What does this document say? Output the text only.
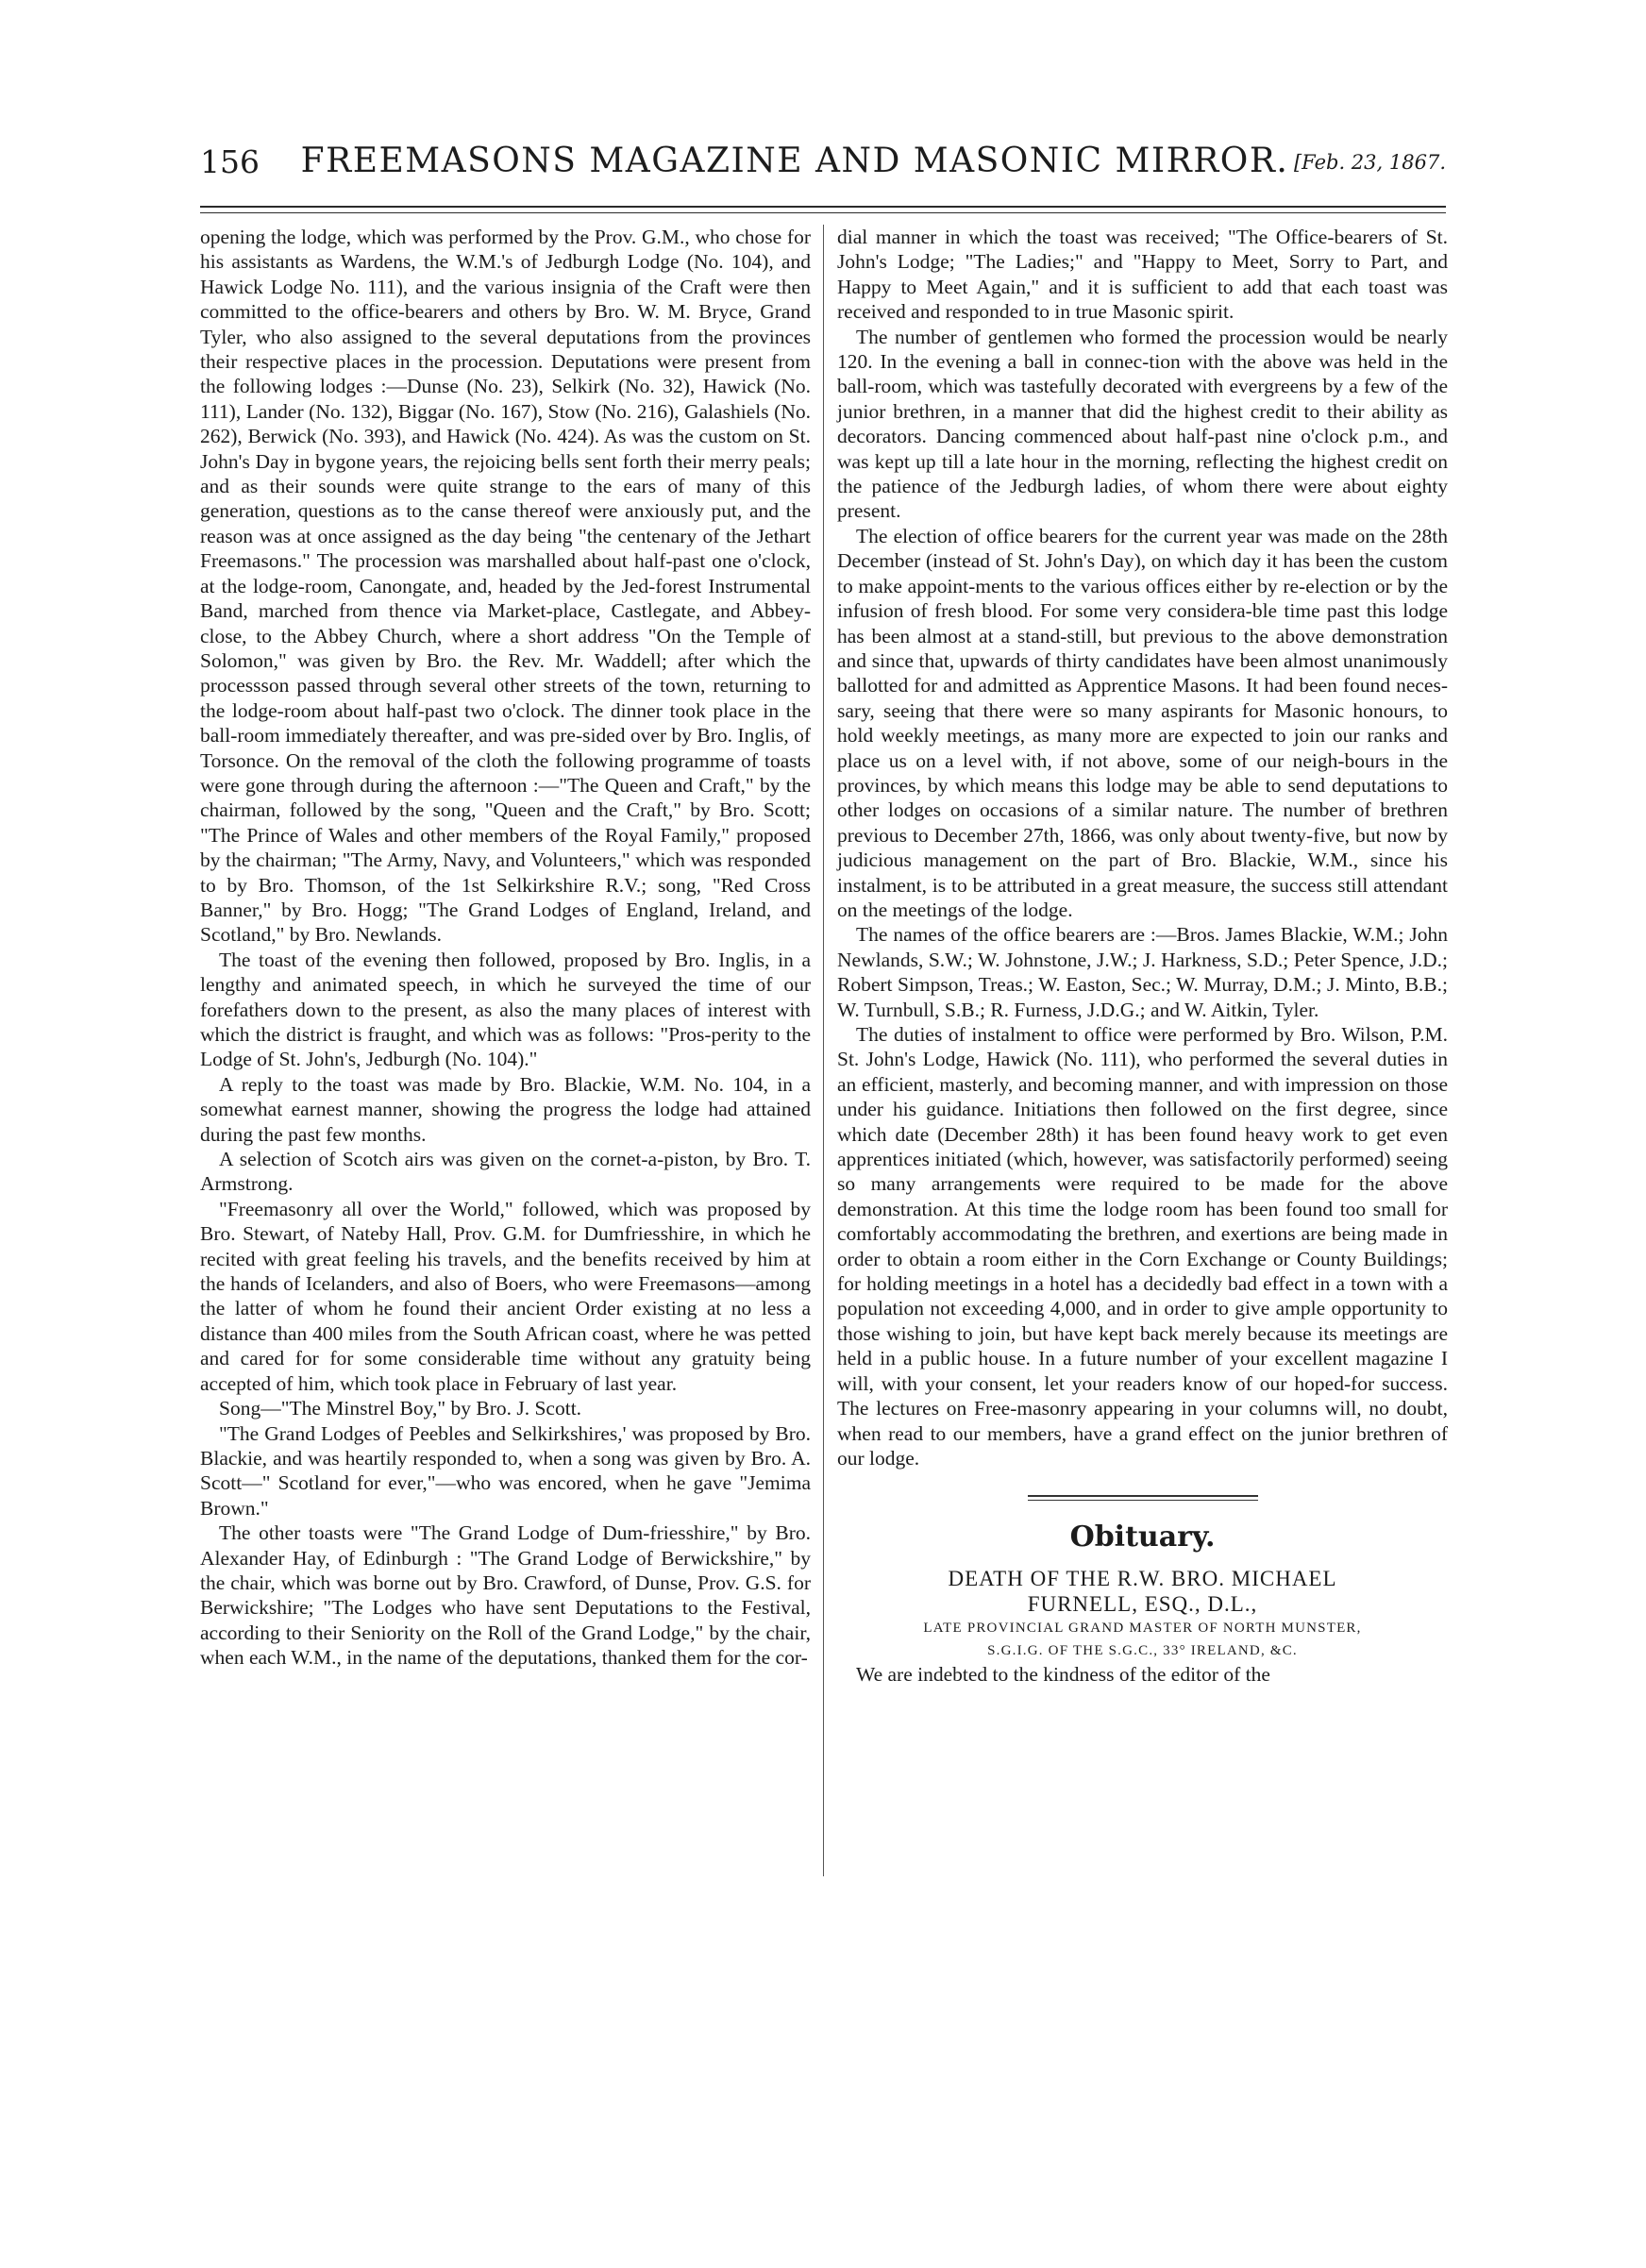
156	FREEMASONS MAGAZINE AND MASONIC MIRROR. [Feb. 23, 1867.

opening the lodge, which was performed by the Prov. G.M., who chose for his assistants as Wardens, the W.M.'s of Jedburgh Lodge (No. 104), and Hawick Lodge No. 111), and the various insignia of the Craft were then committed to the office-bearers and others by Bro. W. M. Bryce, Grand Tyler, who also assigned to the several deputations from the provinces their respective places in the procession. Deputations were present from the following lodges :—Dunse (No. 23), Selkirk (No. 32), Hawick (No. 111), Lander (No. 132), Biggar (No. 167), Stow (No. 216), Galashiels (No. 262), Berwick (No. 393), and Hawick (No. 424). As was the custom on St. John's Day in bygone years, the rejoicing bells sent forth their merry peals; and as their sounds were quite strange to the ears of many of this generation, questions as to the canse thereof were anxiously put, and the reason was at once assigned as the day being "the centenary of the Jethart Freemasons." The procession was marshalled about half-past one o'clock, at the lodge-room, Canongate, and, headed by the Jed-forest Instrumental Band, marched from thence via Market-place, Castlegate, and Abbey-close, to the Abbey Church, where a short address "On the Temple of Solomon," was given by Bro. the Rev. Mr. Waddell; after which the processson passed through several other streets of the town, returning to the lodge-room about half-past two o'clock. The dinner took place in the ball-room immediately thereafter, and was pre-sided over by Bro. Inglis, of Torsonce. On the removal of the cloth the following programme of toasts were gone through during the afternoon :—"The Queen and Craft," by the chairman, followed by the song, "Queen and the Craft," by Bro. Scott; "The Prince of Wales and other members of the Royal Family," proposed by the chairman; "The Army, Navy, and Volunteers," which was responded to by Bro. Thomson, of the 1st Selkirkshire R.V.; song, "Red Cross Banner," by Bro. Hogg; "The Grand Lodges of England, Ireland, and Scotland," by Bro. Newlands.

The toast of the evening then followed, proposed by Bro. Inglis, in a lengthy and animated speech, in which he surveyed the time of our forefathers down to the present, as also the many places of interest with which the district is fraught, and which was as follows: "Pros-perity to the Lodge of St. John's, Jedburgh (No. 104)."

A reply to the toast was made by Bro. Blackie, W.M. No. 104, in a somewhat earnest manner, showing the progress the lodge had attained during the past few months.

A selection of Scotch airs was given on the cornet-a-piston, by Bro. T. Armstrong.

"Freemasonry all over the World," followed, which was proposed by Bro. Stewart, of Nateby Hall, Prov. G.M. for Dumfriesshire, in which he recited with great feeling his travels, and the benefits received by him at the hands of Icelanders, and also of Boers, who were Freemasons—among the latter of whom he found their ancient Order existing at no less a distance than 400 miles from the South African coast, where he was petted and cared for for some considerable time without any gratuity being accepted of him, which took place in February of last year.

Song—"The Minstrel Boy," by Bro. J. Scott.

"The Grand Lodges of Peebles and Selkirkshires,' was proposed by Bro. Blackie, and was heartily responded to, when a song was given by Bro. A. Scott—" Scotland for ever,"—who was encored, when he gave "Jemima Brown."

The other toasts were "The Grand Lodge of Dum-friesshire," by Bro. Alexander Hay, of Edinburgh : "The Grand Lodge of Berwickshire," by the chair, which was borne out by Bro. Crawford, of Dunse, Prov. G.S. for Berwickshire; "The Lodges who have sent Deputations to the Festival, according to their Seniority on the Roll of the Grand Lodge," by the chair, when each W.M., in the name of the deputations, thanked them for the cor-

dial manner in which the toast was received; "The Office-bearers of St. John's Lodge; "The Ladies;" and "Happy to Meet, Sorry to Part, and Happy to Meet Again," and it is sufficient to add that each toast was received and responded to in true Masonic spirit.

The number of gentlemen who formed the procession would be nearly 120. In the evening a ball in connec-tion with the above was held in the ball-room, which was tastefully decorated with evergreens by a few of the junior brethren, in a manner that did the highest credit to their ability as decorators. Dancing commenced about half-past nine o'clock p.m., and was kept up till a late hour in the morning, reflecting the highest credit on the patience of the Jedburgh ladies, of whom there were about eighty present.

The election of office bearers for the current year was made on the 28th December (instead of St. John's Day), on which day it has been the custom to make appoint-ments to the various offices either by re-election or by the infusion of fresh blood. For some very considera-ble time past this lodge has been almost at a stand-still, but previous to the above demonstration and since that, upwards of thirty candidates have been almost unanimously ballotted for and admitted as Apprentice Masons. It had been found neces-sary, seeing that there were so many aspirants for Masonic honours, to hold weekly meetings, as many more are expected to join our ranks and place us on a level with, if not above, some of our neigh-bours in the provinces, by which means this lodge may be able to send deputations to other lodges on occasions of a similar nature. The number of brethren previous to December 27th, 1866, was only about twenty-five, but now by judicious management on the part of Bro. Blackie, W.M., since his instalment, is to be attributed in a great measure, the success still attendant on the meetings of the lodge.

The names of the office bearers are :—Bros. James Blackie, W.M.; John Newlands, S.W.; W. Johnstone, J.W.; J. Harkness, S.D.; Peter Spence, J.D.; Robert Simpson, Treas.; W. Easton, Sec.; W. Murray, D.M.; J. Minto, B.B.; W. Turnbull, S.B.; R. Furness, J.D.G.; and W. Aitkin, Tyler.

The duties of instalment to office were performed by Bro. Wilson, P.M. St. John's Lodge, Hawick (No. 111), who performed the several duties in an efficient, masterly, and becoming manner, and with impression on those under his guidance. Initiations then followed on the first degree, since which date (December 28th) it has been found heavy work to get even apprentices initiated (which, however, was satisfactorily performed) seeing so many arrangements were required to be made for the above demonstration. At this time the lodge room has been found too small for comfortably accommodating the brethren, and exertions are being made in order to obtain a room either in the Corn Exchange or County Buildings; for holding meetings in a hotel has a decidedly bad effect in a town with a population not exceeding 4,000, and in order to give ample opportunity to those wishing to join, but have kept back merely because its meetings are held in a public house. In a future number of your excellent magazine I will, with your consent, let your readers know of our hoped-for success. The lectures on Free-masonry appearing in your columns will, no doubt, when read to our members, have a grand effect on the junior brethren of our lodge.

Obituary.
DEATH OF THE R.W. BRO. MICHAEL
FURNELL, ESQ., D.L.,
LATE PROVINCIAL GRAND MASTER OF NORTH MUNSTER,
S.G.I.G. OF THE S.G.C., 33° IRELAND, &C.

We are indebted to the kindness of the editor of the
